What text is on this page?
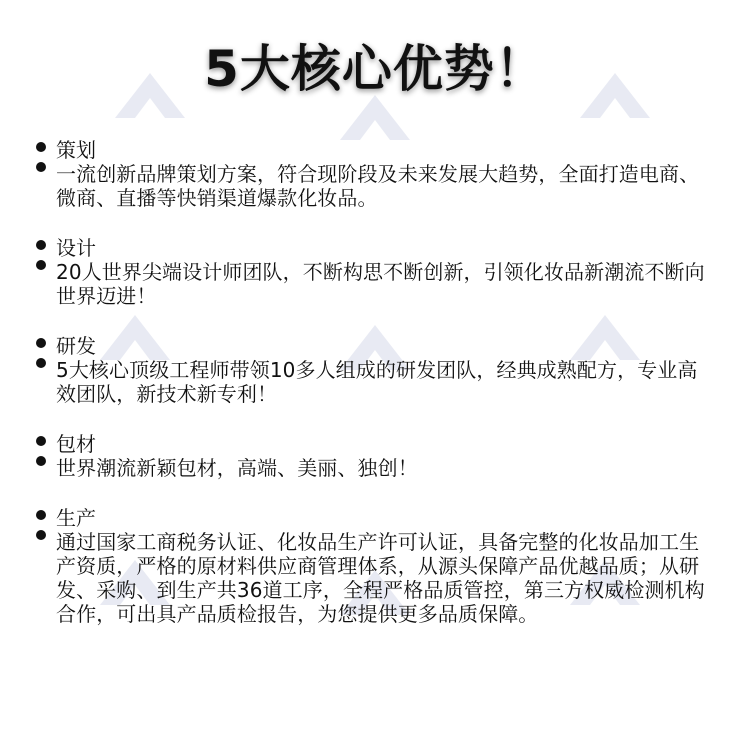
5大核心优势！
策划
一流创新品牌策划方案，符合现阶段及未来发展大趋势，全面打造电商、微商、直播等快销渠道爆款化妆品。
设计
20人世界尖端设计师团队，不断构思不断创新，引领化妆品新潮流不断向世界迈进！
研发
5大核心顶级工程师带领10多人组成的研发团队，经典成熟配方，专业高效团队，新技术新专利！
包材
世界潮流新颖包材，高端、美丽、独创！
生产
通过国家工商税务认证、化妆品生产许可认证，具备完整的化妆品加工生产资质，严格的原材料供应商管理体系，从源头保障产品优越品质；从研发、采购、到生产共36道工序，全程严格品质管控，第三方权威检测机构合作，可出具产品质检报告，为您提供更多品质保障。
